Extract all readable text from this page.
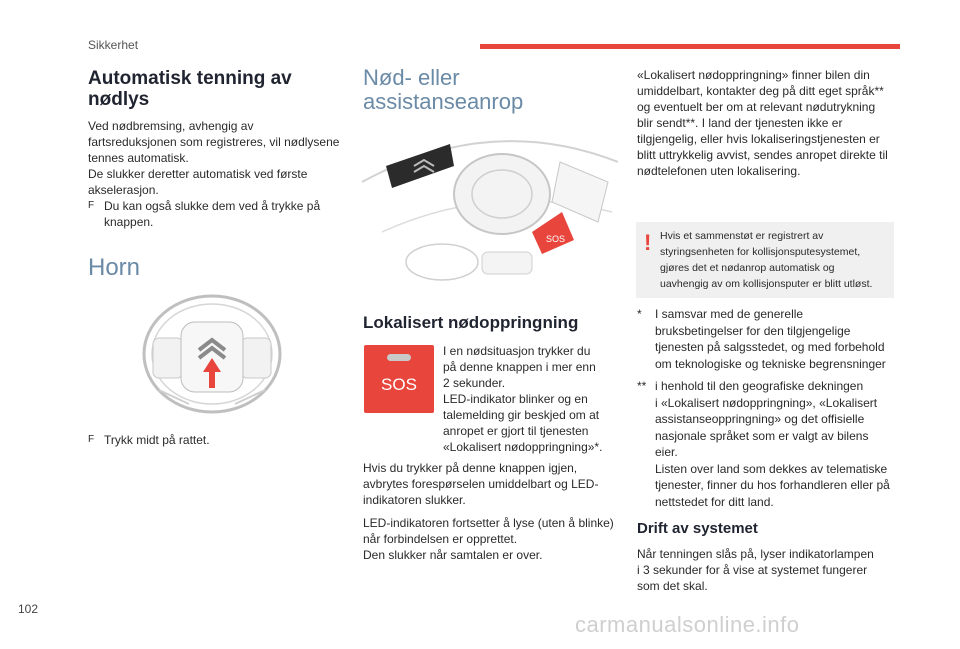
Sikkerhet
Automatisk tenning av
nødlys
Ved nødbremsing, avhengig av
fartsreduksjonen som registreres, vil nødlysene
tennes automatisk.
De slukker deretter automatisk ved første
akselerasjon.
F Du kan også slukke dem ved å trykke på
knappen.
Horn
F Trykk midt på rattet.
Nød- eller
assistanseanrop
SOS
Lokalisert nødoppringning
SOS
I en nødsituasjon trykker du
på denne knappen i mer enn
2 sekunder.
LED-indikator blinker og en
talemelding gir beskjed om at
anropet er gjort til tjenesten
«Lokalisert nødoppringning»*.
Hvis du trykker på denne knappen igjen,
avbrytes forespørselen umiddelbart og LED-
indikatoren slukker.
LED-indikatoren fortsetter å lyse (uten å blinke)
når forbindelsen er opprettet.
Den slukker når samtalen er over.
«Lokalisert nødoppringning» finner bilen din
umiddelbart, kontakter deg på ditt eget språk**
og eventuelt ber om at relevant nødutrykning
blir sendt**. I land der tjenesten ikke er
tilgjengelig, eller hvis lokaliseringstjenesten er
blitt uttrykkelig avvist, sendes anropet direkte til
nødtelefonen uten lokalisering.
! Hvis et sammenstøt er registrert av
styringsenheten for kollisjonsputesystemet,
gjøres det et nødanrop automatisk og
uavhengig av om kollisjonsputer er blitt utløst.
*	I samsvar med de generelle
bruksbetingelser for den tilgjengelige
tjenesten på salgsstedet, og med forbehold
om teknologiske og tekniske begrensninger
** i henhold til den geografiske dekningen
i «Lokalisert nødoppringning», «Lokalisert
assistanseoppringning» og det offisielle
nasjonale språket som er valgt av bilens
eier.
Listen over land som dekkes av telematiske
tjenester, finner du hos forhandleren eller på
nettstedet for ditt land.
Drift av systemet
Når tenningen slås på, lyser indikatorlampen
i 3 sekunder for å vise at systemet fungerer
som det skal.
102
carmanualsonline.info
